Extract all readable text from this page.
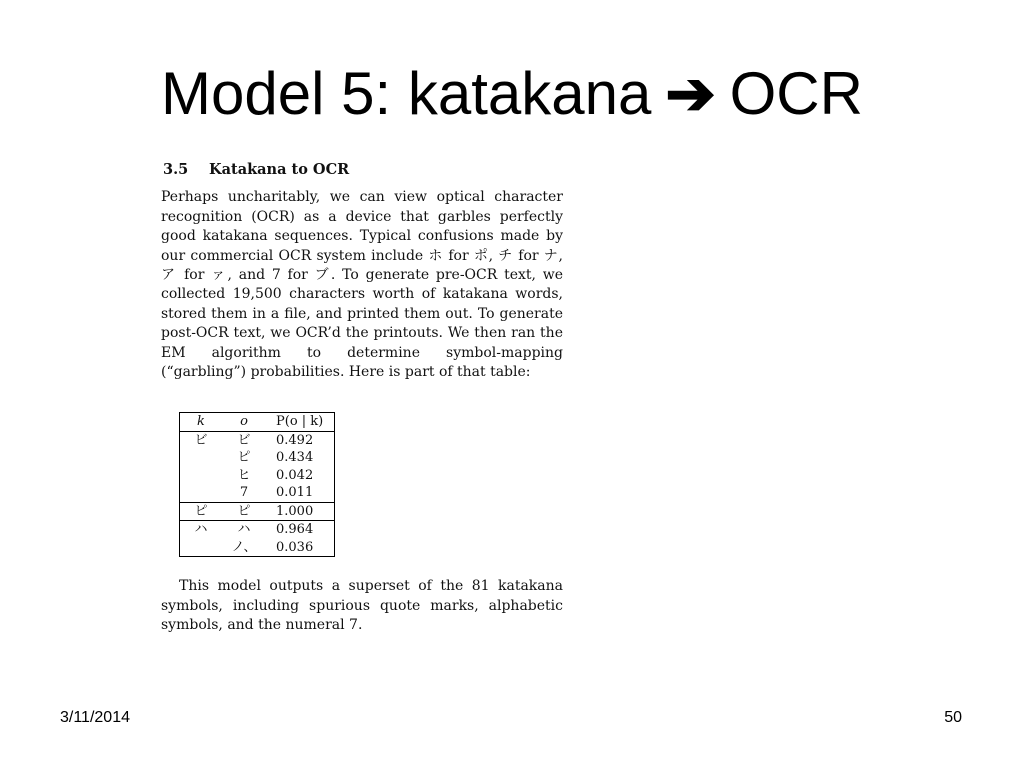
Model 5: katakana ➔ OCR
3.5 Katakana to OCR

Perhaps uncharitably, we can view optical character recognition (OCR) as a device that garbles perfectly good katakana sequences. Typical confusions made by our commercial OCR system include ホ for ポ, チ for ナ, ア for ァ, and 7 for ブ. To generate pre-OCR text, we collected 19,500 characters worth of katakana words, stored them in a file, and printed them out. To generate post-OCR text, we OCR’d the printouts. We then ran the EM algorithm to determine symbol-mapping (“garbling”) probabilities. Here is part of that table:

k	o	P(o | k)
ビ	ビ	0.492
	ピ	0.434
	ヒ	0.042
	7	0.011
ピ	ピ	1.000
ハ	ハ	0.964
	ノ、	0.036

This model outputs a superset of the 81 katakana symbols, including spurious quote marks, alphabetic symbols, and the numeral 7.

3/11/2014	50
